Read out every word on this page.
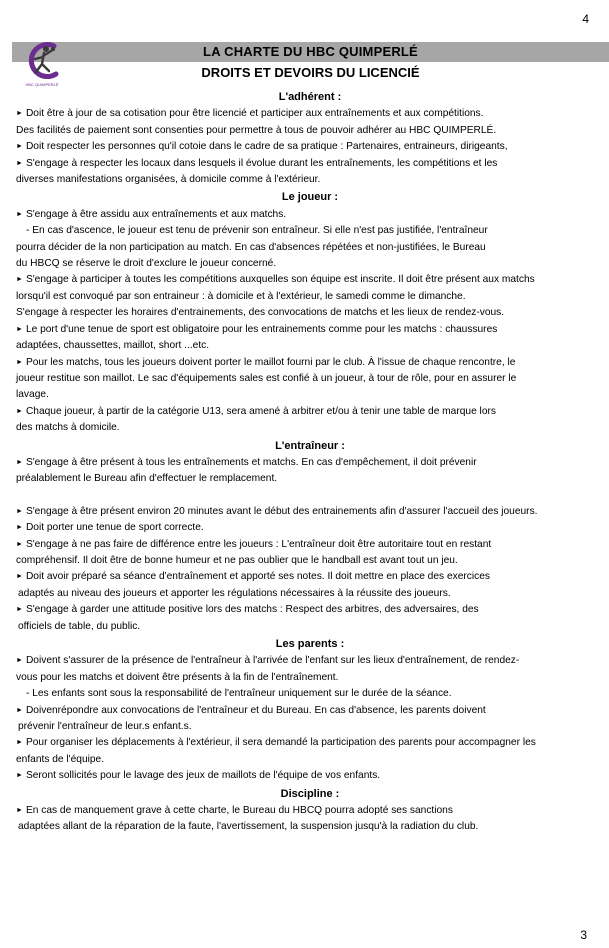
4
HBC QUIMPERLÉ
LA CHARTE DU HBC QUIMPERLÉ
DROITS ET DEVOIRS DU LICENCIÉ
L'adhérent :
► Doit être à jour de sa cotisation pour être licencié et participer aux entraînements et aux compétitions.
Des facilités de paiement sont consenties pour permettre à tous de pouvoir adhérer au HBC QUIMPERLÉ.
► Doit respecter les personnes qu'il cotoie dans le cadre de sa pratique : Partenaires, entraineurs, dirigeants,
► S'engage à respecter les locaux dans lesquels il évolue durant les entraînements, les compétitions et les
diverses manifestations organisées, à domicile comme à l'extérieur.
Le joueur :
► S'engage à être assidu aux entraînements et aux matchs.
- En cas d'ascence, le joueur est tenu de prévenir son entraîneur. Si elle n'est pas justifiée, l'entraîneur
pourra décider de la non participation au match. En cas d'absences répétées et non-justifiées, le Bureau
du HBCQ se réserve le droit d'exclure le joueur concerné.
► S'engage à participer à toutes les compétitions auxquelles son équipe est inscrite. Il doit être présent aux matchs
lorsqu'il est convoqué par son entraineur : à domicile et à l'extérieur, le samedi comme le dimanche.
S'engage à respecter les horaires d'entrainements, des convocations de matchs et les lieux de rendez-vous.
► Le port d'une tenue de sport est obligatoire pour les entrainements comme pour les matchs : chaussures
adaptées, chaussettes, maillot, short ...etc.
► Pour les matchs, tous les joueurs doivent porter le maillot fourni par le club. À l'issue de chaque rencontre, le
joueur restitue son maillot. Le sac d'équipements sales est confié à un joueur, à tour de rôle, pour en assurer le
lavage.
► Chaque joueur, à partir de la catégorie U13, sera amené à arbitrer et/ou à tenir une table de marque lors
des matchs à domicile.
L'entraîneur :
► S'engage à être présent à tous les entraînements et matchs. En cas d'empêchement, il doit prévenir
préalablement le Bureau afin d'effectuer le remplacement.
► S'engage à être présent environ 20 minutes avant le début des entrainements afin d'assurer l'accueil des joueurs.
► Doit porter une tenue de sport correcte.
► S'engage à ne pas faire de différence entre les joueurs : L'entraîneur doit être autoritaire tout en restant
compréhensif. Il doit être de bonne humeur et ne pas oublier que le handball est avant tout un jeu.
► Doit avoir préparé sa séance d'entraînement et apporté ses notes. Il doit mettre en place des exercices
adaptés au niveau des joueurs et apporter les régulations nécessaires à la réussite des joueurs.
► S'engage à garder une attitude positive lors des matchs : Respect des arbitres, des adversaires, des
officiels de table, du public.
Les parents :
► Doivent s'assurer de la présence de l'entraîneur à l'arrivée de l'enfant sur les lieux d'entraînement, de rendez-
vous pour les matchs et doivent être présents à la fin de l'entraînement.
- Les enfants sont sous la responsabilité de l'entraîneur uniquement sur le durée de la séance.
► Doivenrépondre aux convocations de l'entraîneur et du Bureau. En cas d'absence, les parents doivent
prévenir l'entraîneur de leur.s enfant.s.
► Pour organiser les déplacements à l'extérieur, il sera demandé la participation des parents pour accompagner les
enfants de l'équipe.
► Seront sollicités pour le lavage des jeux de maillots de l'équipe de vos enfants.
Discipline :
► En cas de manquement grave à cette charte, le Bureau du HBCQ pourra adopté ses sanctions
adaptées allant de la réparation de la faute, l'avertissement, la suspension jusqu'à la radiation du club.
3
